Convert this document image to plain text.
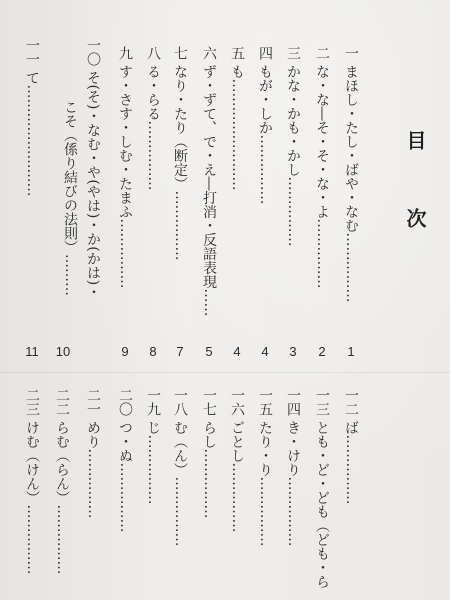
目次
一 まほし・たし・ばや・なむ……………
1
二 な・な―そ・そ・な・よ……………
2
三 かな・かも・かし……………
3
四 もが・しか……………
4
五 も……………………
4
六 ず・ずて、で・え―打消・反語表現……
5
七 なり・たり（断定）……………
7
八 る・らる……………
8
九 す・さす・しむ・たまふ……………
9
一〇 そ(そ)・なむ・や(やは)・か(かは)・
10
こそ（係り結びの法則）………
一一 て……………………
11
一二 ば……………
一三 とも・ど・ども（ども・ら
一四 き・けり……………
一五 たり・り……………
一六 ごとし……………
一七 らし……………
一八 む（ん）……………
一九 じ……………
二〇 つ・ぬ……………
二一 めり……………
二二 らむ（らん）……………
二三 けむ（けん）……………
